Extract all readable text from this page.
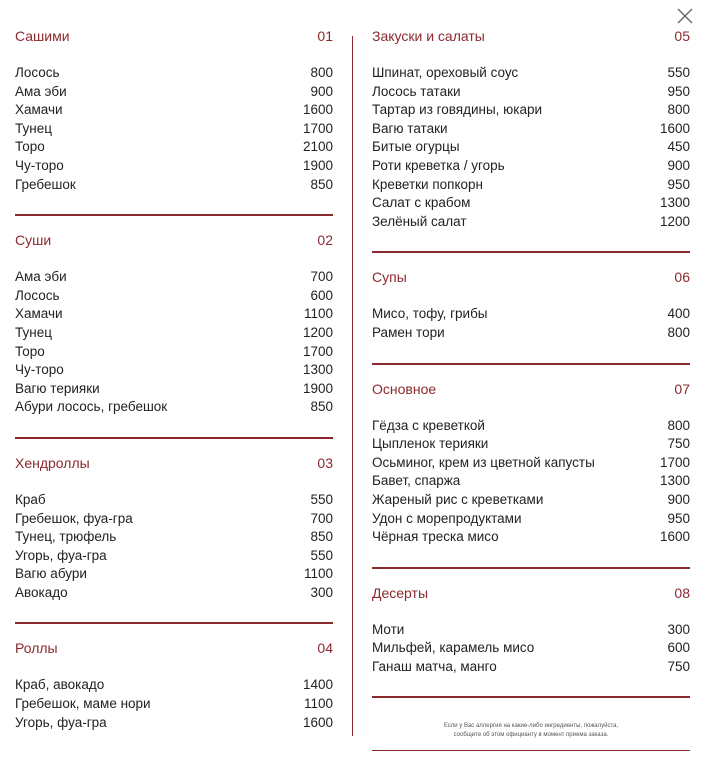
Сашими	01
Лосось	800
Ама эби	900
Хамачи	1600
Тунец	1700
Торо	2100
Чу-торо	1900
Гребешок	850
Суши	02
Ама эби	700
Лосось	600
Хамачи	1100
Тунец	1200
Торо	1700
Чу-торо	1300
Вагю терияки	1900
Абури лосось, гребешок	850
Хендроллы	03
Краб	550
Гребешок, фуа-гра	700
Тунец, трюфель	850
Угорь, фуа-гра	550
Вагю абури	1100
Авокадо	300
Роллы	04
Краб, авокадо	1400
Гребешок, маме нори	1100
Угорь, фуа-гра	1600
Закуски и салаты	05
Шпинат, ореховый соус	550
Лосось татаки	950
Тартар из говядины, юкари	800
Вагю татаки	1600
Битые огурцы	450
Роти креветка / угорь	900
Креветки попкорн	950
Салат с крабом	1300
Зелёный салат	1200
Супы	06
Мисо, тофу, грибы	400
Рамен тори	800
Основное	07
Гёдза с креветкой	800
Цыпленок терияки	750
Осьминог, крем из цветной капусты	1700
Бавет, спаржа	1300
Жареный рис с креветками	900
Удон с морепродуктами	950
Чёрная треска мисо	1600
Десерты	08
Моти	300
Мильфей, карамель мисо	600
Ганаш матча, манго	750
Если у Вас аллергия на какие-либо ингредиенты, пожалуйста,
сообщите об этом официанту в момент приема заказа.
